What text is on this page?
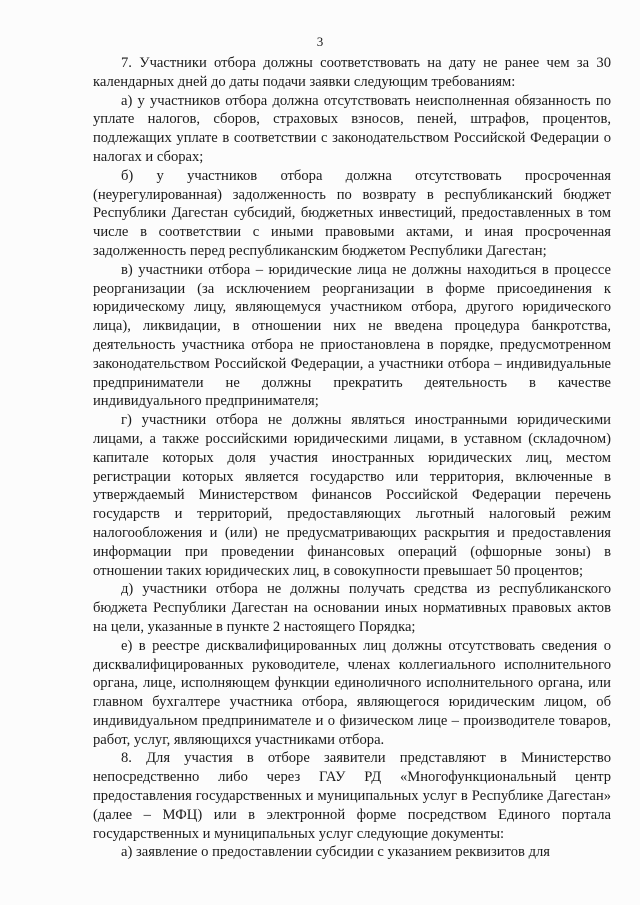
3

7. Участники отбора должны соответствовать на дату не ранее чем за 30 календарных дней до даты подачи заявки следующим требованиям:

а) у участников отбора должна отсутствовать неисполненная обязанность по уплате налогов, сборов, страховых взносов, пеней, штрафов, процентов, подлежащих уплате в соответствии с законодательством Российской Федерации о налогах и сборах;

б) у участников отбора должна отсутствовать просроченная (неурегулированная) задолженность по возврату в республиканский бюджет Республики Дагестан субсидий, бюджетных инвестиций, предоставленных в том числе в соответствии с иными правовыми актами, и иная просроченная задолженность перед республиканским бюджетом Республики Дагестан;

в) участники отбора – юридические лица не должны находиться в процессе реорганизации (за исключением реорганизации в форме присоединения к юридическому лицу, являющемуся участником отбора, другого юридического лица), ликвидации, в отношении них не введена процедура банкротства, деятельность участника отбора не приостановлена в порядке, предусмотренном законодательством Российской Федерации, а участники отбора – индивидуальные предприниматели не должны прекратить деятельность в качестве индивидуального предпринимателя;

г) участники отбора не должны являться иностранными юридическими лицами, а также российскими юридическими лицами, в уставном (складочном) капитале которых доля участия иностранных юридических лиц, местом регистрации которых является государство или территория, включенные в утверждаемый Министерством финансов Российской Федерации перечень государств и территорий, предоставляющих льготный налоговый режим налогообложения и (или) не предусматривающих раскрытия и предоставления информации при проведении финансовых операций (офшорные зоны) в отношении таких юридических лиц, в совокупности превышает 50 процентов;

д) участники отбора не должны получать средства из республиканского бюджета Республики Дагестан на основании иных нормативных правовых актов на цели, указанные в пункте 2 настоящего Порядка;

е) в реестре дисквалифицированных лиц должны отсутствовать сведения о дисквалифицированных руководителе, членах коллегиального исполнительного органа, лице, исполняющем функции единоличного исполнительного органа, или главном бухгалтере участника отбора, являющегося юридическим лицом, об индивидуальном предпринимателе и о физическом лице – производителе товаров, работ, услуг, являющихся участниками отбора.

8. Для участия в отборе заявители представляют в Министерство непосредственно либо через ГАУ РД «Многофункциональный центр предоставления государственных и муниципальных услуг в Республике Дагестан» (далее – МФЦ) или в электронной форме посредством Единого портала государственных и муниципальных услуг следующие документы:

а) заявление о предоставлении субсидии с указанием реквизитов для
